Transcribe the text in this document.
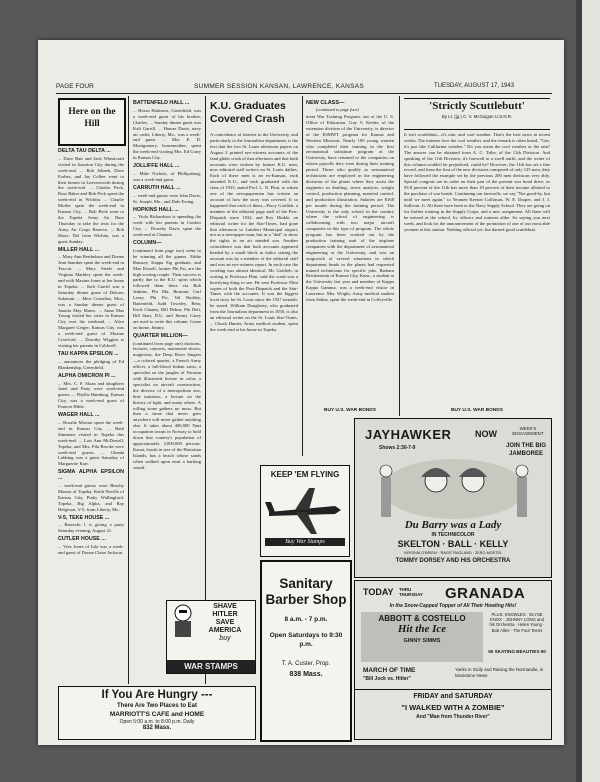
PAGE FOUR	SUMMER SESSION KANSAN, LAWRENCE, KANSAS	TUESDAY, AUGUST 17, 1943
Here on the Hill
DELTA TAU DELTA ...

... Dave Bair and Jack Wheatcraft visited in Junction City during the week-end. ... Bob Jelinek, Dave Forbes, and Jay Colber went to their homes in Leavenworth during the week-end. ... Charles Peck, Ross Baker and Bob Peck spent the week-end in Wichita. ... Charlie Moffet spent the week-end in Kansas City. ... Bob Beck went to the Topeka Army Air Base Thursday to take the tests for the Army Air Corps Reserve. ... Bob Shore, Del from Wichita, was a guest Sunday.

MILLER HALL ...

... Mary Ann Berthelson and Donna Jean Stamber spent the week-end in Tescott. ... Mary Steele and Virginia Markley spent the week-end with Maxine Jones at her home in Topeka. ... Kali Garrill was a Saturday dinner guest of Delores Sulzman. ... Merr Cornelius, Mox, was a Sunday dinner guest of Juanita May Mares. ... Anna Mae Young visited her sister in Kansas City over the weekend. ... Alice Margaret Geiger, Kansas City, was a week-end guest of Maxine Crawford. ... Dorothy Wiggins is visiting her parents in Caldwell.

TAU KAPPA EPSILON ...

... announces the pledging of Ed Blankenship, Greenfield.

ALPHA OMICRON PI ...

... Mrs. C. F. Sloan and daughters Janet and Patty were week-end guests. ... Phyllis Hamburg, Kansas City, was a week-end guest of Frances Hible.

WAGER HALL ...

... Rosalie Morton spent the week-end in Kansas City. ... Ruth Simmons visited in Topeka this week-end. ... Lois Ann McDowell, Topeka, and Mrs. Pila Brooks were week-end guests. ... Glenda Lubbing was a guest Saturday of Marguerite Karr.

SIGMA ALPHA EPSILON ...

... week-end guests were Beachy Musser of Topeka, Keith Neville of Kansas City, Pinky Wallingford, Topeka, Big Alpha, and Ray Helgeson, V-5, from Liberty, Mo.

V-5, TEKE HOUSE ...

... Barracks 1 is giving a party Saturday evening, August 21.

CUTLER HOUSE ...

... Vera Jones of Iola was a week-end guest of Donna Claire Jackson.

BATTENFELD HALL ...

... Hosea Harkness, Greenfield, was a week-end guest of his brother, Charles. ... Sunday dinner guest was Kali Garrill. ... Homer Davis, navy air cadet, Liberty, Mo., was a week-end guest. ... Mrs. E. D. Montgomery, housemother, spent the week-end visiting Mrs. Ed Curry in Kansas City.

JOLLIFFE HALL ...

... Mike Nichols, of Phillipsburg, was a week-end guest.

CARRUTH HALL ...

... week-end guests were John Davis, St. Joseph, Mo., and Dale Ewing.

HOPKINS HALL ...

... Viola Richardson is spending the week with her parents in Cawker City. ... Dorothy Davis spent the week-end at Chanute.

COLUMN—

(continued from page two) seem to be winning all the games. Eddie Ramsey, Kappa Sig graduate, and Max Kissell, former Phi Psi, are the high scoring couple. Their success is partly due to the K.U. spirit which followed them there via Bob Jenkins, Phi Mu, Burman, Carl Leary, Phi Psi, Val Rudsby, Battenfeld, Judd Townley, Beta, Keck Chaney, Bill Debus, Phi Delt, Bill Starr, D.U. and Jimmy Carey are used to write this column. Come on home, Jimmy.

QUARTER MILLION—

(continued from page one) ductions, lectures, concerts, marionette shows, magicians, the Deep River Singers—a colored quartet, a French Army officer, a full-blood Indian artist, a specialist on the jungles of Yucatan with illustrated lecture in color, a specialist on aircraft construction, the director of a metropolitan zoo, bird imitators, a lecture on the history of light, and many others. A rolling stone gathers no moss. But then a stone that never goes anywhere will never gather anything else. It takes about 400,000 Nazi occupation troops in Norway to hold down that country's population of approximately 3,000,000 persons. Kauai, fourth in size of the Hawaiian Islands, has a beach whose sands when walked upon emit a barking sound.

K.U. Graduates Covered Crash
A coincidence of interest to the University, and particularly to the Journalism department, is the fact that the two St. Louis afternoon papers on August 2 printed eye-witness accounts of the fatal glider crash of that afternoon and that both accounts were written by former K.U. men, now editorial staff writers on St. Louis dailies. Each of these men is an ex-Kansan, each attended K.U., and each graduated with the class of 1933, stated Prof. L. N. Flint, to whom one of the newspapermen has written an account of how the story was covered. It so happened that each of them—Percy Gottlieb, a member of the editorial page staff of the Post-Dispatch since 1932, and Roy Hinkle, an editorial writer for the Star-Times, had gone that afternoon to Lambert Municipal airport, not as a newspaper man, but as a "dad" to show the sights to an air minded son. Another coincidence was that both accounts appeared headed by a small block in italics stating the account was by a member of the editorial staff and was an eye-witness report. In each case the wording was almost identical. Mr. Gottlieb, in writing to Professor Flint, said the crash was a horrifying thing to see. He sent Professor Flint copies of both the Post-Dispatch and the Star-Times with the accounts. It was the biggest local story for St. Louis since the 1927 tornado, he stated. William Dougherty, who graduated from the Journalism department in 1930, is also an editorial writer on the St. Louis Star-Times. ... Chuck Hunter, Army medical student, spent the week-end at his home in Topeka.
NEW CLASS—
(continued to page four)
ment War Training Program, out of the U. S. Office of Education. Guy V. Keeler, of the extension division of the University, is director of the ESMWT program for Kansas and Western Missouri. Nearly 100 young women who completed their training in the first aeronautical substitute program at the University, have returned to the companies on whose payrolls they were during their training period. Those who qualify as aeronautical technicians are employed in the engineering divisions of the plants where they assist the engineers in drafting, stress analysis, weight control, production planning, material control, and production illustration. Salaries are $168 per month during the training period. The University is the only school in the country where the school of engineering is collaborating with two major aircraft companies in this type of program. The whole program has been worked out by the production training unit of the airplane companies with the department of aeronautical engineering at the University, and was an outgrowth of several situations in which department heads in the plants had requested trained technicians for specific jobs. Barbara Brickenstein of Kansas City, Kans., a student at the University last year and member of Kappa Kappa Gamma, was a week-end visitor in Lawrence. Mrs. Wright, Army medical student from Salina, spent the week-end in Coffeyville.
BUY U.S. WAR BONDS
'Strictly Scuttlebutt'
By Lt. (jg.) C. V. McGuigan U.S.N.R.
It isn't scuttlebutt—it's rain, and cool weather. That's the best news in recent weeks. The trainees love the cool weather, and the remark is often heard, "Gee, it's just like California weather." Do you mean the cool weather or the rain? The answer can be obtained from A. C. Tribe, of the 11th Division. And speaking of the 11th Division, it's farewell to a swell outfit, and the writer of this column couldn't be prejudiced, could he? However, the 11th has set a fine record, and from the first of the new divisions composed of only 125 men, they have followed the example set by the previous 200 men divisions very ably. Special congrats are in order on their part of the present war bond drive, as 93.8 percent of the 11th has more than 10 percent of their income allotted to the purchase of war bonds. Continuing our farewells, we say "Not good-by, but until we meet again," to Yeomen Keeton Collinson, W. E. Draper, and J. J. Sullivan, Jr. All three have been in the Navy Supply School. They are going on for further training in the Supply Corps, and a new assignment. All three will be missed at the school, by officers and trainees alike. So saying you next week, and look for the announcement of the promotion of one of our most able yeomen at this station. Nothing official yet, but darned good scuttlebutt.
BUY U.S. WAR BONDS
JAYHAWKER	NOW
Shows 2:30-7-9
WEEK'S ENGAGEMENT
JOIN THE BIG JAMBOREE
Du Barry was a Lady
IN TECHNICOLOR
SKELTON · BALL · KELLY
VIRGINIA O'BRIEN · 'RAGS' RAGLAND · ZERO MOSTEL
TOMMY DORSEY AND HIS ORCHESTRA
KEEP 'EM FLYING
Buy War Stamps
SHAVE
HITLER
SAVE
AMERICA
buy
WAR STAMPS
Sanitary Barber Shop
8 a.m. - 7 p.m.
Open Saturdays to 9:30 p.m.
T. A. Custer, Prop.
838 Mass.
TODAY THRU THURSDAY	GRANADA
In the Snow-Capped Topper of All Their Howling Hits!
ABBOTT & COSTELLO
Hit the Ice
GINNY SIMMS
PLUS: KNOWLES · ELYSE KNOX · JOHNNY LONG and his Orchestra · Helen Young · Bob Allen · The Four Teens
50 SKATING BEAUTIES 50
MARCH OF TIME
"Bill Jock vs. Hitler"
Yanks in Sicily and Raising the Normandie, in Movietone News
FRIDAY and SATURDAY
"I WALKED WITH A ZOMBIE"
And "Man from Thunder River"
If You Are Hungry ---
There Are Two Places to Eat
MARRIOTT'S CAFE and HOME
Open 5:00 a.m. to 8:00 p.m. Daily
832 Mass.
